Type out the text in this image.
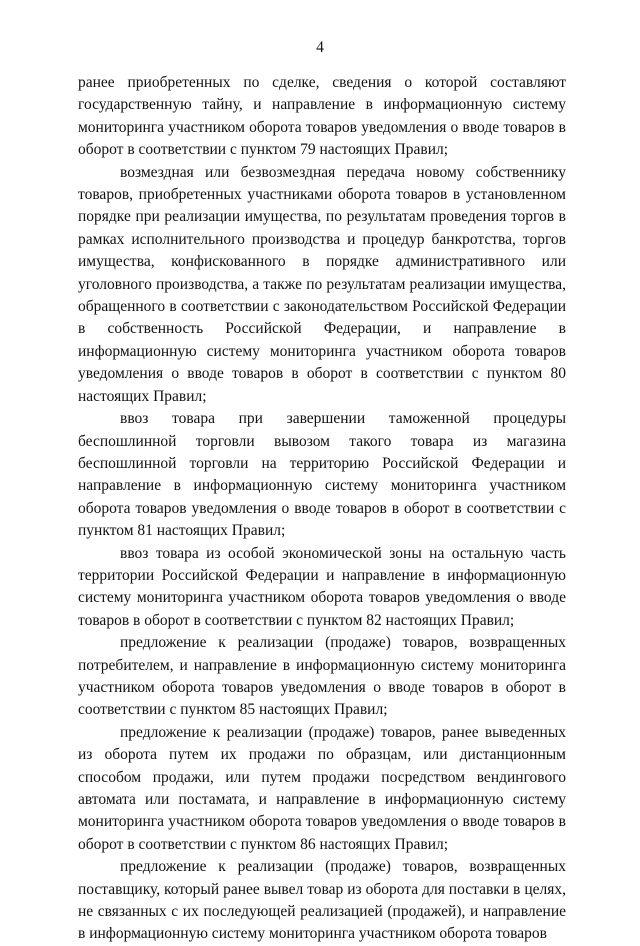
4

ранее приобретенных по сделке, сведения о которой составляют государственную тайну, и направление в информационную систему мониторинга участником оборота товаров уведомления о вводе товаров в оборот в соответствии с пунктом 79 настоящих Правил;

возмездная или безвозмездная передача новому собственнику товаров, приобретенных участниками оборота товаров в установленном порядке при реализации имущества, по результатам проведения торгов в рамках исполнительного производства и процедур банкротства, торгов имущества, конфискованного в порядке административного или уголовного производства, а также по результатам реализации имущества, обращенного в соответствии с законодательством Российской Федерации в собственность Российской Федерации, и направление в информационную систему мониторинга участником оборота товаров уведомления о вводе товаров в оборот в соответствии с пунктом 80 настоящих Правил;

ввоз товара при завершении таможенной процедуры беспошлинной торговли вывозом такого товара из магазина беспошлинной торговли на территорию Российской Федерации и направление в информационную систему мониторинга участником оборота товаров уведомления о вводе товаров в оборот в соответствии с пунктом 81 настоящих Правил;

ввоз товара из особой экономической зоны на остальную часть территории Российской Федерации и направление в информационную систему мониторинга участником оборота товаров уведомления о вводе товаров в оборот в соответствии с пунктом 82 настоящих Правил;

предложение к реализации (продаже) товаров, возвращенных потребителем, и направление в информационную систему мониторинга участником оборота товаров уведомления о вводе товаров в оборот в соответствии с пунктом 85 настоящих Правил;

предложение к реализации (продаже) товаров, ранее выведенных из оборота путем их продажи по образцам, или дистанционным способом продажи, или путем продажи посредством вендингового автомата или постамата, и направление в информационную систему мониторинга участником оборота товаров уведомления о вводе товаров в оборот в соответствии с пунктом 86 настоящих Правил;

предложение к реализации (продаже) товаров, возвращенных поставщику, который ранее вывел товар из оборота для поставки в целях, не связанных с их последующей реализацией (продажей), и направление в информационную систему мониторинга участником оборота товаров
